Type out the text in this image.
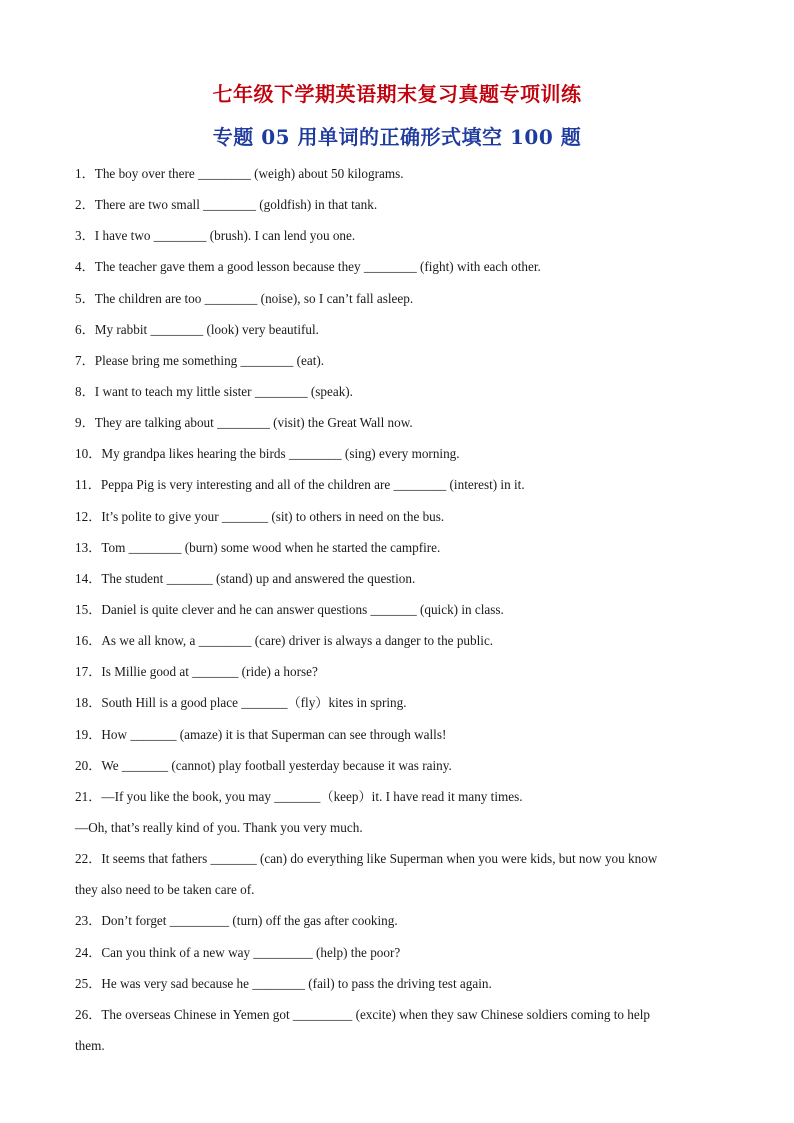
七年级下学期英语期末复习真题专项训练
专题 05 用单词的正确形式填空 100 题
1．The boy over there ________ (weigh) about 50 kilograms.
2．There are two small ________ (goldfish) in that tank.
3．I have two ________ (brush). I can lend you one.
4．The teacher gave them a good lesson because they ________ (fight) with each other.
5．The children are too ________ (noise), so I can’t fall asleep.
6．My rabbit ________ (look) very beautiful.
7．Please bring me something ________ (eat).
8．I want to teach my little sister ________ (speak).
9．They are talking about ________ (visit) the Great Wall now.
10．My grandpa likes hearing the birds ________ (sing) every morning.
11．Peppa Pig is very interesting and all of the children are ________ (interest) in it.
12．It’s polite to give your _______ (sit) to others in need on the bus.
13．Tom ________ (burn) some wood when he started the campfire.
14．The student _______ (stand) up and answered the question.
15．Daniel is quite clever and he can answer questions _______ (quick) in class.
16．As we all know, a ________ (care) driver is always a danger to the public.
17．Is Millie good at _______ (ride) a horse?
18．South Hill is a good place _______（fly）kites in spring.
19．How _______ (amaze) it is that Superman can see through walls!
20．We _______ (cannot) play football yesterday because it was rainy.
21．—If you like the book, you may _______（keep）it. I have read it many times.
—Oh, that’s really kind of you. Thank you very much.
22．It seems that fathers _______ (can) do everything like Superman when you were kids, but now you know
they also need to be taken care of.
23．Don’t forget _________ (turn) off the gas after cooking.
24．Can you think of a new way _________ (help) the poor?
25．He was very sad because he ________ (fail) to pass the driving test again.
26．The overseas Chinese in Yemen got _________ (excite) when they saw Chinese soldiers coming to help
them.
